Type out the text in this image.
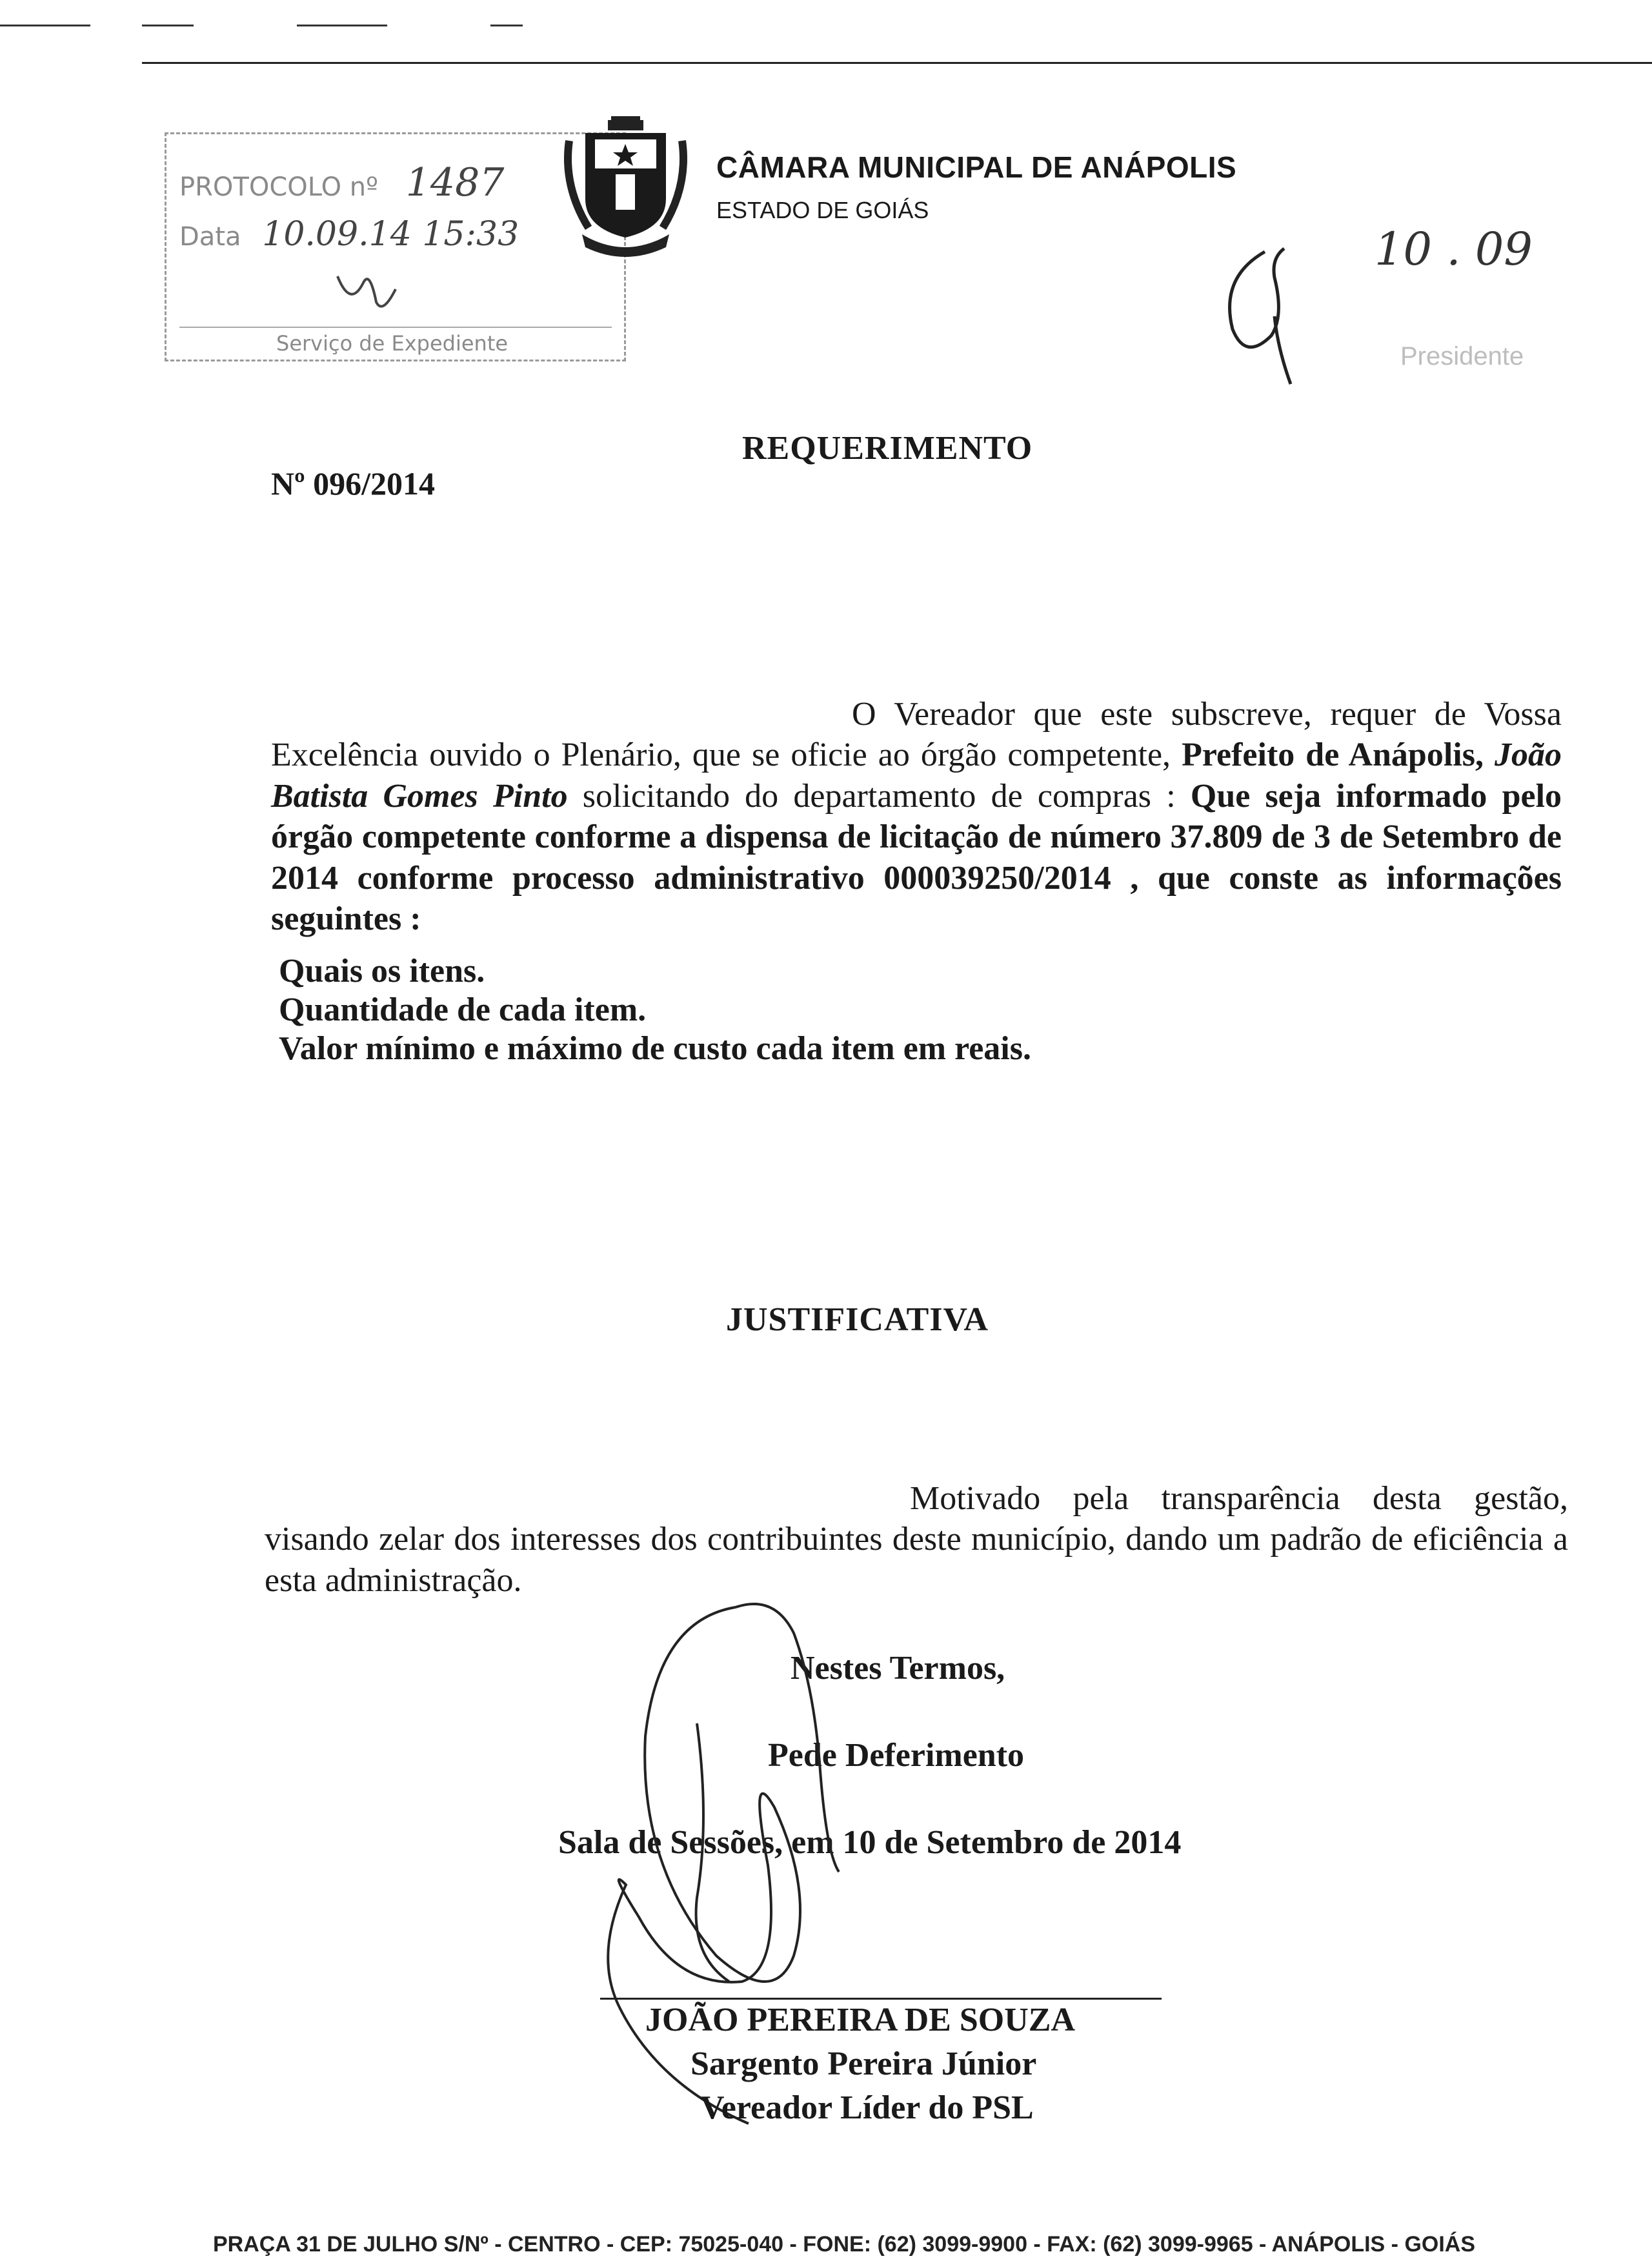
PROTOCOLO nº 1487
Data 10.09.14 15:33
Serviço de Expediente
CÂMARA MUNICIPAL DE ANÁPOLIS
ESTADO DE GOIÁS
10 . 09
Presidente
REQUERIMENTO
Nº 096/2014

O Vereador que este subscreve, requer de Vossa Excelência ouvido o Plenário, que se oficie ao órgão competente, Prefeito de Anápolis, João Batista Gomes Pinto solicitando do departamento de compras : Que seja informado pelo órgão competente conforme a dispensa de licitação de número 37.809 de 3 de Setembro de 2014 conforme processo administrativo 000039250/2014 , que conste as informações seguintes :

Quais os itens.
Quantidade de cada item.
Valor mínimo e máximo de custo cada item em reais.
JUSTIFICATIVA

Motivado pela transparência desta gestão, visando zelar dos interesses dos contribuintes deste município, dando um padrão de eficiência a esta administração.

Nestes Termos,
Pede Deferimento
Sala de Sessões, em 10 de Setembro de 2014
JOÃO PEREIRA DE SOUZA
Sargento Pereira Júnior
Vereador Líder do PSL
PRAÇA 31 DE JULHO S/Nº - CENTRO - CEP: 75025-040 - FONE: (62) 3099-9900 - FAX: (62) 3099-9965 - ANÁPOLIS - GOIÁS
